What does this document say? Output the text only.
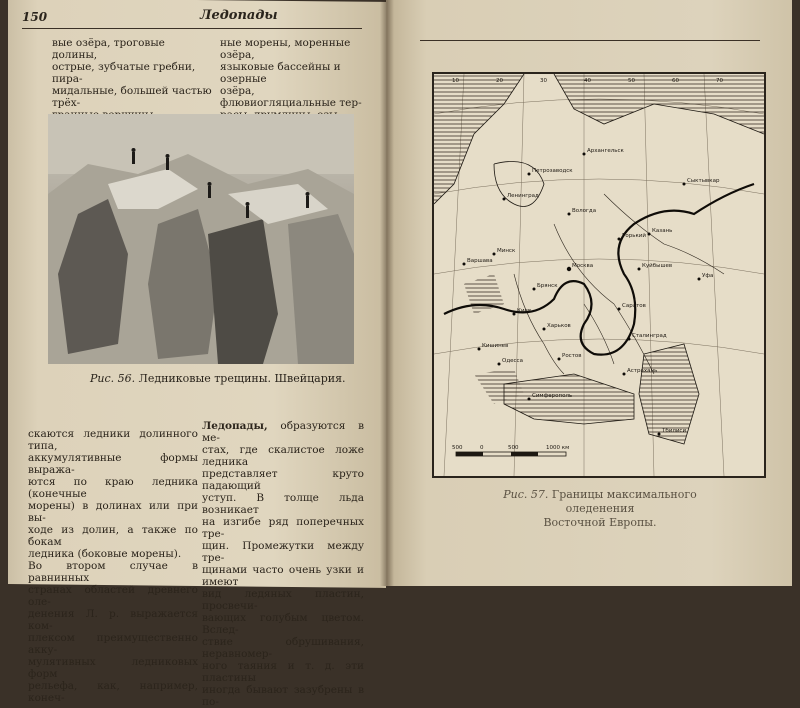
150	Ледопады

вые озёра, троговые долины,

острые, зубчатые гребни, пира-

мидальные, большей частью трёх-

ные морены, моренные озёра,

языковые бассейны и озерные

озёра, флювиогляциальные тер-

Рис. 56. Ледниковые трещины. Швейцария.

скаются ледники долинного типа,

аккумулятивные формы выража-

ются по краю ледника (конечные

морены) в долинах или при вы-

ходе из долин, а также по бокам

ледника (боковые морены).

Во втором случае в равнинных

странах областей древнего оле-

денения Л. р. выражается ком-

плексом преимущественно акку-

мулятивных ледниковых форм

рельефа, как, например, конеч-

Ледопады, образуются в ме-

стах, где скалистое ложе ледника

представляет круто падающий

уступ. В толще льда возникает

на изгибе ряд поперечных тре-

щин. Промежутки между тре-

щинами часто очень узки и имеют

вид ледяных пластин, просвечи-

вающих голубым цветом. Вслед-

ствие обрушивания, неравномер-

ного таяния и т. д. эти пластины

иногда бывают зазубрены в по-

Архангельск
Петрозаводск
Ленинград
Вологда
Москва
Брянск
Киев
Харьков
Ростов
Саратов
Куйбышев
Сталинград
Одесса
Симферополь
Астрахань
Тбилиси
Уфа
Казань
Сыктывкар
Варшава
Кишинев
Минск
Горький
10	20	30	40	50	60	70
500	0	500	1000 км
Рис. 57. Границы максимального оледенения
Восточной Европы.
